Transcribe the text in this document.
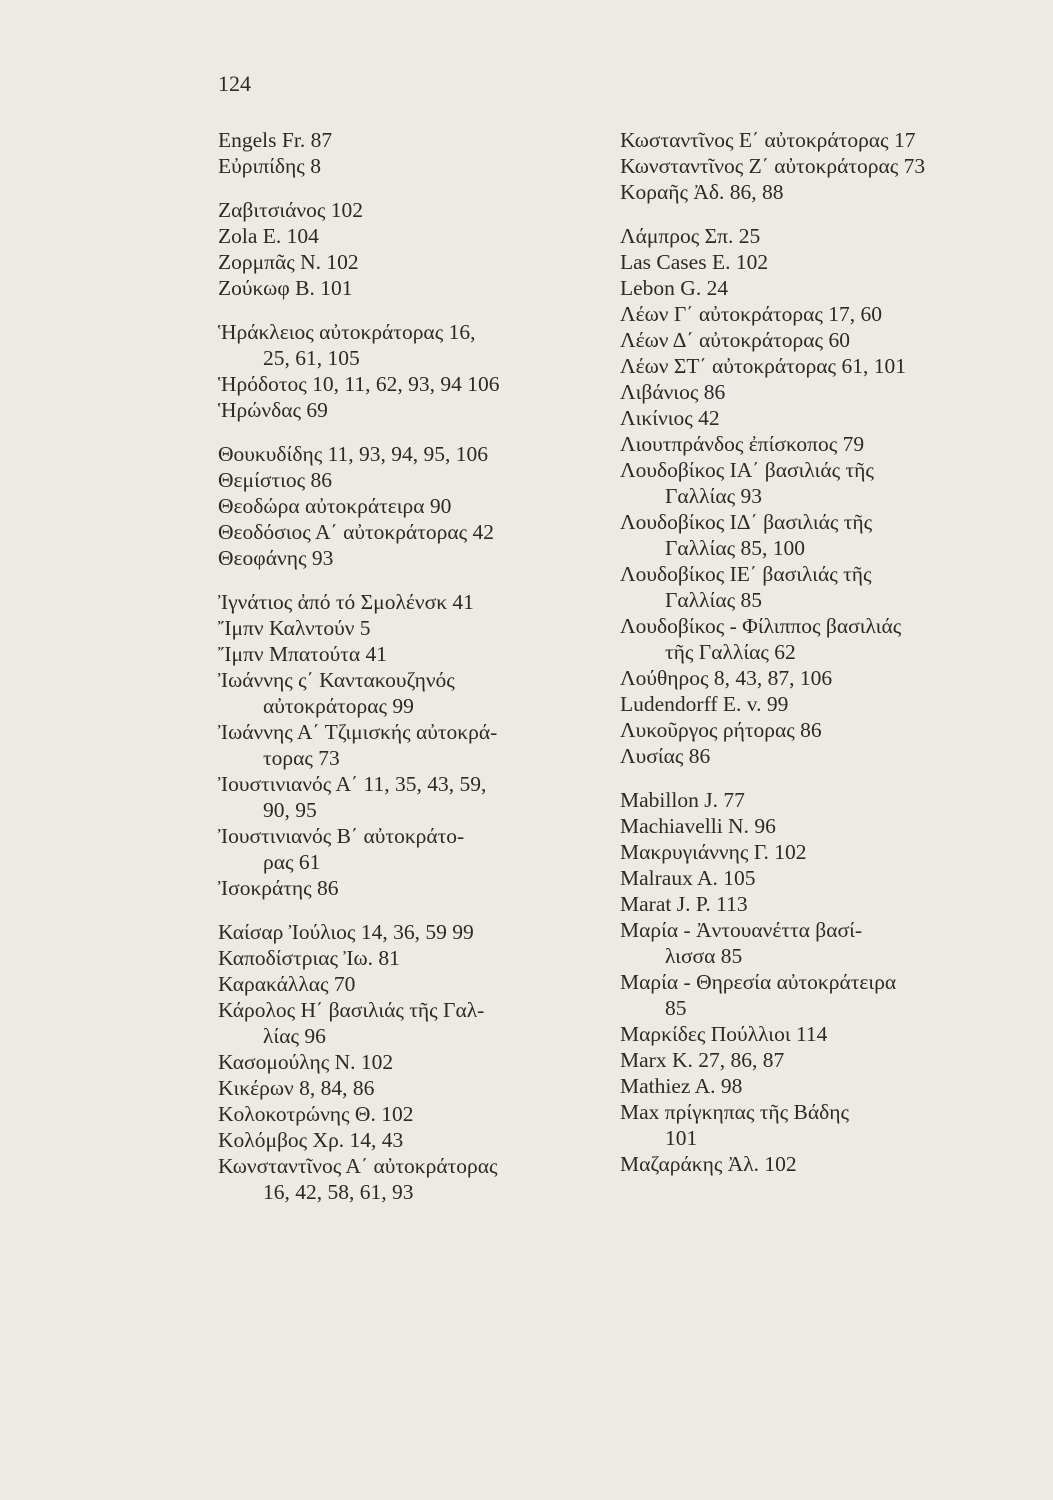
124
Engels Fr. 87
Εὐριπίδης 8
Ζαβιτσιάνος 102
Zola E. 104
Ζορμπᾶς Ν. 102
Ζούκωφ Β. 101
Ἡράκλειος αὐτοκράτορας 16,
25, 61, 105
Ἡρόδοτος 10, 11, 62, 93, 94 106
Ἡρώνδας 69
Θουκυδίδης 11, 93, 94, 95, 106
Θεμίστιος 86
Θεοδώρα αὐτοκράτειρα 90
Θεοδόσιος Α΄ αὐτοκράτορας 42
Θεοφάνης 93
Ἰγνάτιος ἀπό τό Σμολένσκ 41
Ἴμπν Καλντούν 5
Ἴμπν Μπατούτα 41
Ἰωάννης ς΄ Καντακουζηνός
αὐτοκράτορας 99
Ἰωάννης Α΄ Τζιμισκής αὐτοκρά-
τορας 73
Ἰουστινιανός Α΄ 11, 35, 43, 59,
90, 95
Ἰουστινιανός Β΄ αὐτοκράτο-
ρας 61
Ἰσοκράτης 86
Καίσαρ Ἰούλιος 14, 36, 59 99
Καποδίστριας Ἰω. 81
Καρακάλλας 70
Κάρολος Η΄ βασιλιάς τῆς Γαλ-
λίας 96
Κασομούλης Ν. 102
Κικέρων 8, 84, 86
Κολοκοτρώνης Θ. 102
Κολόμβος Χρ. 14, 43
Κωνσταντῖνος Α΄ αὐτοκράτορας
16, 42, 58, 61, 93
Κωσταντῖνος Ε΄ αὐτοκράτορας 17
Κωνσταντῖνος Ζ΄ αὐτοκράτορας 73
Κοραῆς Ἀδ. 86, 88
Λάμπρος Σπ. 25
Las Cases E. 102
Lebon G. 24
Λέων Γ΄ αὐτοκράτορας 17, 60
Λέων Δ΄ αὐτοκράτορας 60
Λέων ΣΤ΄ αὐτοκράτορας 61, 101
Λιβάνιος 86
Λικίνιος 42
Λιουτπράνδος ἐπίσκοπος 79
Λουδοβίκος ΙΑ΄ βασιλιάς τῆς
Γαλλίας 93
Λουδοβίκος ΙΔ΄ βασιλιάς τῆς
Γαλλίας 85, 100
Λουδοβίκος ΙΕ΄ βασιλιάς τῆς
Γαλλίας 85
Λουδοβίκος - Φίλιππος βασιλιάς
τῆς Γαλλίας 62
Λούθηρος 8, 43, 87, 106
Ludendorff E. v. 99
Λυκοῦργος ρήτορας 86
Λυσίας 86
Mabillon J. 77
Machiavelli N. 96
Μακρυγιάννης Γ. 102
Malraux A. 105
Marat J. P. 113
Μαρία - Ἀντουανέττα βασί-
λισσα 85
Μαρία - Θηρεσία αὐτοκράτειρα
85
Μαρκίδες Πούλλιοι 114
Marx K. 27, 86, 87
Mathiez A. 98
Max πρίγκηπας τῆς Βάδης
101
Μαζαράκης Ἀλ. 102
